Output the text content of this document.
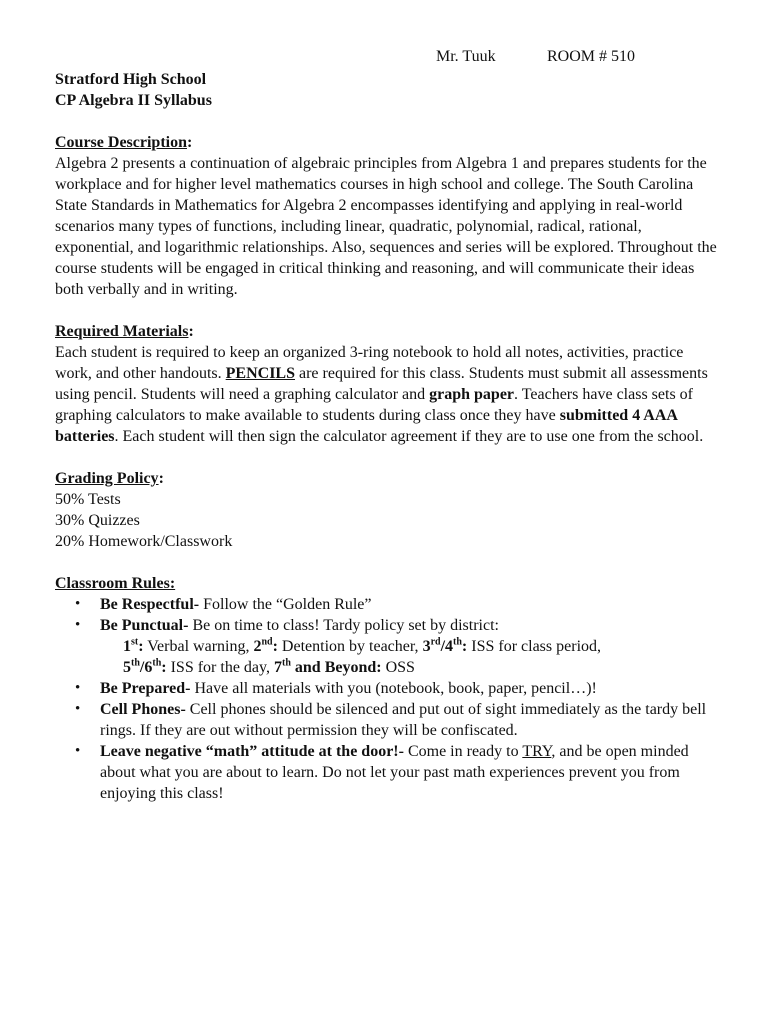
Mr. Tuuk	ROOM # 510
Stratford High School
CP Algebra II Syllabus
Course Description:

Algebra 2 presents a continuation of algebraic principles from Algebra 1 and prepares students for the workplace and for higher level mathematics courses in high school and college. The South Carolina State Standards in Mathematics for Algebra 2 encompasses identifying and applying in real-world scenarios many types of functions, including linear, quadratic, polynomial, radical, rational, exponential, and logarithmic relationships. Also, sequences and series will be explored. Throughout the course students will be engaged in critical thinking and reasoning, and will communicate their ideas both verbally and in writing.

Required Materials:

Each student is required to keep an organized 3-ring notebook to hold all notes, activities, practice work, and other handouts. PENCILS are required for this class. Students must submit all assessments using pencil. Students will need a graphing calculator and graph paper. Teachers have class sets of graphing calculators to make available to students during class once they have submitted 4 AAA batteries. Each student will then sign the calculator agreement if they are to use one from the school.

Grading Policy:
50% Tests
30% Quizzes
20% Homework/Classwork
Classroom Rules:
• Be Respectful- Follow the “Golden Rule”
• Be Punctual- Be on time to class! Tardy policy set by district:
1st: Verbal warning, 2nd: Detention by teacher, 3rd/4th: ISS for class period,
5th/6th: ISS for the day, 7th and Beyond: OSS
• Be Prepared- Have all materials with you (notebook, book, paper, pencil…)!
• Cell Phones- Cell phones should be silenced and put out of sight immediately as the tardy bell rings. If they are out without permission they will be confiscated.
• Leave negative “math” attitude at the door!- Come in ready to TRY, and be open minded about what you are about to learn. Do not let your past math experiences prevent you from enjoying this class!
